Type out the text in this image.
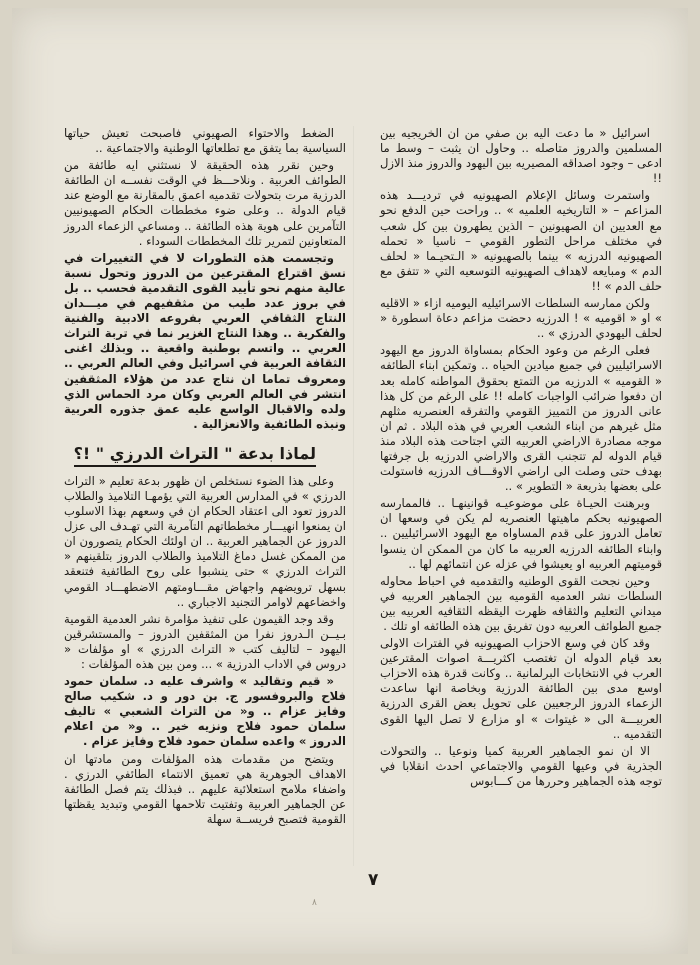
اسرائيل « ما دعت اليه بن صفي من ان الخريجيه بين المسلمين والدروز متاصله .. وحاول ان يثبت – وسط ما ادعى – وجود اصداقه المصيريه بين اليهود والدروز منذ الازل !!

واستمرت وسائل الإعلام الصهيونيه في ترديـــد هذه المزاعم – « التاريخيه العلميه » .. وراحت حين الدفع نحو مع العديين ان الصهيونين – الذين يطهرون بين كل شعب في مختلف مراحل التطور القومي – ناسيا « تحمله الصهيونيه الدرزيه » بينما بالصهيونيه « الـتحيـما « لحلف الدم » ومبايعه لاهداف الصهيونيه التوسعيه التي « تتفق مع حلف الدم » !!

ولكن ممارسه السلطات الاسرائيليه اليوميه ازاء « الاقليه » او « اقوميه » ! الدرزيه دحضت مزاعم دعاة اسطورة « لحلف اليهودي الدرزي » ..

فعلى الرغم من وعود الحكام بمساواة الدروز مع اليهود الاسرائيليين في جميع ميادين الحياه .. وتمكين ابناء الطائفه « القوميه » الدرزيه من التمتع بحقوق المواطنه كامله بعد ان دفعوا ضرائب الواجبات كامله !! على الرغم من كل هذا عانى الدروز من التمييز القومي والتفرقه العنصريه مثلهم مثل غيرهم من ابناء الشعب العربي في هذه البلاد . ثم ان موجه مصادرة الاراضي العربيه التي اجتاحت هذه البلاد منذ قيام الدوله لم تتجنب القرى والاراضي الدرزيه بل جرفتها بهدف حتى وصلت الى اراضي الاوقـــاف الدرزيه فاستولت على بعضها بذريعة « التطوير » ..

وبرهنت الحيـاة على موضوعيـه قوانينهـا .. فالممارسه الصهيونيه بحكم ماهيتها العنصريه لم يكن في وسعها ان تعامل الدروز على قدم المساواه مع اليهود الاسرائيليين .. وابناء الطائفه الدرزيه العربيه ما كان من الممكن ان ينسوا قوميتهم العربيه او يعيشوا في عزله عن انتمائهم لها ..

وحين نجحت القوى الوطنيه والتقدميه في احباط محاوله السلطات نشر العدميه القوميه بين الجماهير العربيه في ميداني التعليم والثقافه ظهرت اليقظه الثقافيه العربيه بين جميع الطوائف العربيه دون تفريق بين هذه الطائفه او تلك .

وقد كان في وسع الاحزاب الصهيونيه في الفترات الاولى بعد قيام الدوله ان تغتصب اكثريـــة اصوات المقترعين العرب في الانتخابات البرلمانية .. وكانت قدرة هذه الاحزاب اوسع مدى بين الطائفة الدرزية وبخاصة انها ساعدت الزعماء الدروز الرجعيين على تحويل بعض القرى الدرزية العربيـــة الى « غيتوات » او مزارع لا تصل اليها القوى التقدميه ..

الا ان نمو الجماهير العربية كميا ونوعيا .. والتحولات الجذرية في وعيها القومي والاجتماعي احدث انقلابا في توجه هذه الجماهير وحررها من كـــابوس

الضغط والاحتواء الصهيوني فاصبحت تعيش حياتها السياسية بما يتفق مع تطلعاتها الوطنية والاجتماعية ..

وحين نقرر هذه الحقيقة لا نستثني ايه طائفة من الطوائف العربية . ونلاحـــظ في الوقت نفســه ان الطائفة الدرزية مرت بتحولات تقدميه اعمق بالمقارنة مع الوضع عند قيام الدولة .. وعلى ضوء مخططات الحكام الصهيونيين التآمرين على هوية هذه الطائفة .. ومساعي الزعماء الدروز المتعاونين لتمرير تلك المخططات السوداء .

وتجسمت هذه التطورات لا في التغييرات في نسق اقتراع المقترعين من الدروز وتحول نسبة عالية منهم نحو تأييد القوى التقدمية فحسب .. بل في بروز عدد طيب من مثقفيهم في ميـــدان النتاج الثقافي العربي بفروعه الادبية والفنية والفكرية .. وهذا النتاج الغزير نما في تربة التراث العربي .. واتسم بوطنية واقعية .. وبذلك اغنى الثقافة العربية في اسرائيل وفي العالم العربي .. ومعروف تماما ان نتاج عدد من هؤلاء المثقفين انتشر في العالم العربي وكان مرد الحماس الذي ولده والاقبال الواسع عليه عمق جذوره العربية ونبذه الطائفية والانعزالية .

لماذا بدعة " التراث الدرزي " !؟

وعلى هذا الضوء نستخلص ان ظهور بدعة تعليم « التراث الدرزي » في المدارس العربية التي يؤمهـا التلاميذ والطلاب الدروز تعود الى اعتقاد الحكام ان في وسعهم بهذا الاسلوب ان يمنعوا انهيـــار مخططاتهم التآمرية التي تهـدف الى عزل الدروز عن الجماهير العربية .. ان اولئك الحكام يتصورون ان من الممكن غسل دماغ التلاميذ والطلاب الدروز بتلقينهم « التراث الدرزي » حتى ينشبوا على روح الطائفية فتنعقد بسهل ترويضهم واجهاض مقـــاومتهم الاضطهـــاد القومي واخضاعهم لاوامر التجنيد الاجباري ..

وقد وجد القيمون على تنفيذ مؤامرة نشر العدمية القومية بـيــن الـدروز نفرا من المثقفين الدروز – والمستشرقين اليهود – لتاليف كتب « التراث الدرزي » او مؤلفات « دروس في الاداب الدرزية » ... ومن بين هذه المؤلفات :

« قيم وتقاليد » واشرف عليه د. سلمان حمود فلاح والبروفسور ج. بن دور و د. شكيب صالح وفايز عزام .. و« من التراث الشعبي » تاليف سلمان حمود فلاح ونزيه خير .. و« من اعلام الدروز » واعده سلمان حمود فلاح وفايز عزام .

ويتضح من مقدمات هذه المؤلفات ومن مادتها ان الاهداف الجوهرية هي تعميق الانتماء الطائفي الدرزي . واضفاء ملامح استعلائية عليهم .. فبذلك يتم فصل الطائفة عن الجماهير العربية وتفتيت تلاحمها القومي وتبديد يقظتها القومية فتصبح فريســة سهلة

٨
٧
